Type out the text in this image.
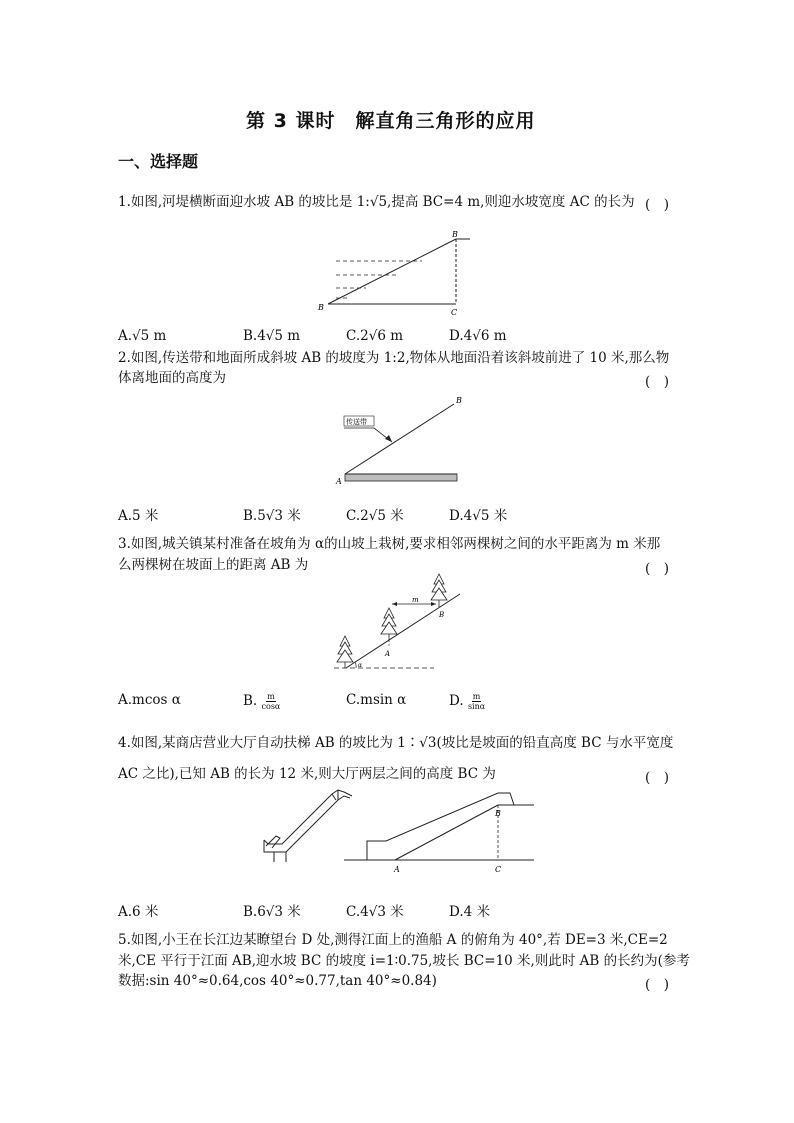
第 3 课时　解直角三角形的应用
一、选择题
1.如图,河堤横断面迎水坡 AB 的坡比是 1:√5,提高 BC=4 m,则迎水坡宽度 AC 的长为 (　)
B
B
C
A.√5 m	B.4√5 m	C.2√6 m	D.4√6 m
2.如图,传送带和地面所成斜坡 AB 的坡度为 1:2,物体从地面沿着该斜坡前进了 10 米,那么物
体离地面的高度为	(　)
传送带
A
B
A.5 米	B.5√3 米	C.2√5 米	D.4√5 米
3.如图,城关镇某村准备在坡角为 α的山坡上栽树,要求相邻两棵树之间的水平距离为 m 米那
么两棵树在坡面上的距离 AB 为	(　)
m
α
A
B
A.mcos α	B. $\frac{m}{\cos\alpha}$	C.msin α	D. $\frac{m}{\sin\alpha}$
4.如图,某商店营业大厅自动扶梯 AB 的坡比为 1∶√3(坡比是坡面的铅直高度 BC 与水平宽度
AC 之比),已知 AB 的长为 12 米,则大厅两层之间的高度 BC 为	(　)
A
B
C
A.6 米	B.6√3 米	C.4√3 米	D.4 米
5.如图,小王在长江边某瞭望台 D 处,测得江面上的渔船 A 的俯角为 40°,若 DE=3 米,CE=2
米,CE 平行于江面 AB,迎水坡 BC 的坡度 i=1∶0.75,坡长 BC=10 米,则此时 AB 的长约为(参考
数据:sin 40°≈0.64,cos 40°≈0.77,tan 40°≈0.84)	(　)
